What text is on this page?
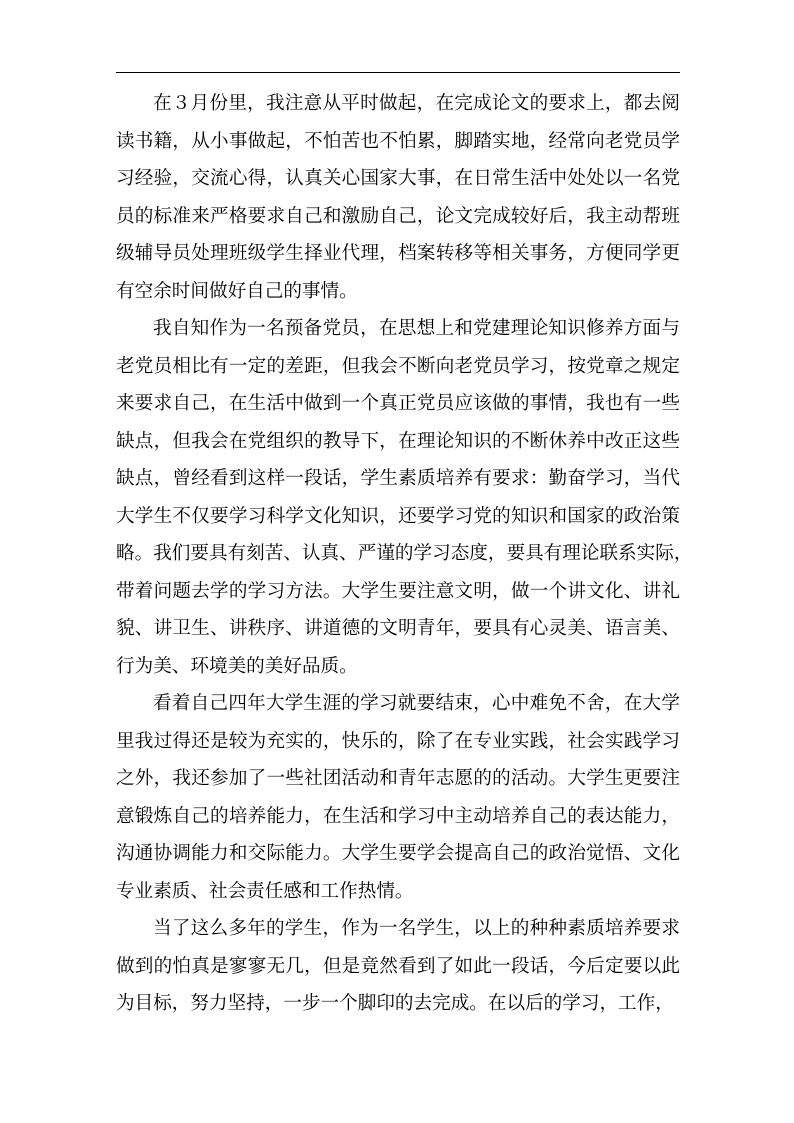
在３月份里，我注意从平时做起，在完成论文的要求上，都去阅
读书籍，从小事做起，不怕苦也不怕累，脚踏实地，经常向老党员学
习经验，交流心得，认真关心国家大事，在日常生活中处处以一名党
员的标准来严格要求自己和激励自己，论文完成较好后，我主动帮班
级辅导员处理班级学生择业代理，档案转移等相关事务，方便同学更
有空余时间做好自己的事情。
我自知作为一名预备党员，在思想上和党建理论知识修养方面与
老党员相比有一定的差距，但我会不断向老党员学习，按党章之规定
来要求自己，在生活中做到一个真正党员应该做的事情，我也有一些
缺点，但我会在党组织的教导下，在理论知识的不断休养中改正这些
缺点，曾经看到这样一段话，学生素质培养有要求：勤奋学习，当代
大学生不仅要学习科学文化知识，还要学习党的知识和国家的政治策
略。我们要具有刻苦、认真、严谨的学习态度，要具有理论联系实际，
带着问题去学的学习方法。大学生要注意文明，做一个讲文化、讲礼
貌、讲卫生、讲秩序、讲道德的文明青年，要具有心灵美、语言美、
行为美、环境美的美好品质。
看着自己四年大学生涯的学习就要结束，心中难免不舍，在大学
里我过得还是较为充实的，快乐的，除了在专业实践，社会实践学习
之外，我还参加了一些社团活动和青年志愿的的活动。大学生更要注
意锻炼自己的培养能力，在生活和学习中主动培养自己的表达能力，
沟通协调能力和交际能力。大学生要学会提高自己的政治觉悟、文化
专业素质、社会责任感和工作热情。
当了这么多年的学生，作为一名学生，以上的种种素质培养要求
做到的怕真是寥寥无几，但是竟然看到了如此一段话，今后定要以此
为目标，努力坚持，一步一个脚印的去完成。在以后的学习，工作，
